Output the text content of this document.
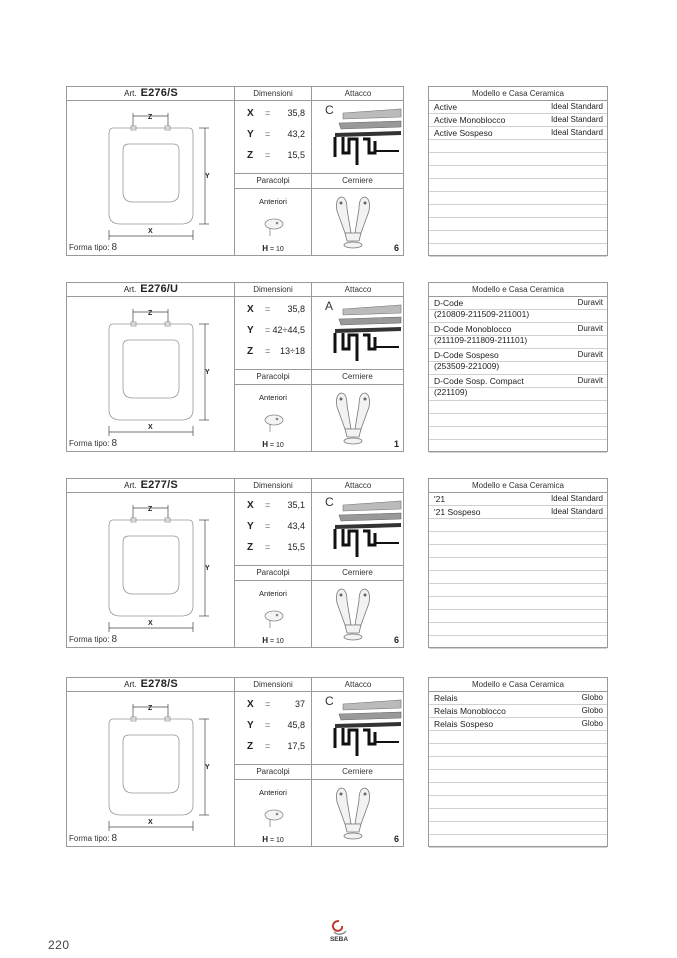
Art. E276/S	Dimensioni	Attacco
Z
X
Y
Forma tipo: 8
X = 35,8
Y = 43,2
Z = 15,5
Paracolpi	Cerniere
Anteriori
H = 10
C
6
Modello e Casa Ceramica
Active	Ideal Standard
Active Monoblocco	Ideal Standard
Active Sospeso	Ideal Standard
Art. E276/U	Dimensioni	Attacco
Z
X
Y
Forma tipo: 8
X = 35,8
Y = 42÷44,5
Z = 13÷18
Paracolpi	Cerniere
Anteriori
H = 10
A
1
Modello e Casa Ceramica
D-Code	Duravit
(210809-211509-211001)
D-Code Monoblocco	Duravit
(211109-211809-211101)
D-Code Sospeso	Duravit
(253509-221009)
D-Code Sosp. Compact	Duravit
(221109)
Art. E277/S	Dimensioni	Attacco
Z
X
Y
Forma tipo: 8
X = 35,1
Y = 43,4
Z = 15,5
Paracolpi	Cerniere
Anteriori
H = 10
C
6
Modello e Casa Ceramica
'21	Ideal Standard
'21 Sospeso	Ideal Standard
Art. E278/S	Dimensioni	Attacco
Z
X
Y
Forma tipo: 8
X =	37
Y = 45,8
Z = 17,5
Paracolpi	Cerniere
Anteriori
H = 10
C
6
Modello e Casa Ceramica
Relais	Globo
Relais Monoblocco	Globo
Relais Sospeso	Globo
220	SEBA
